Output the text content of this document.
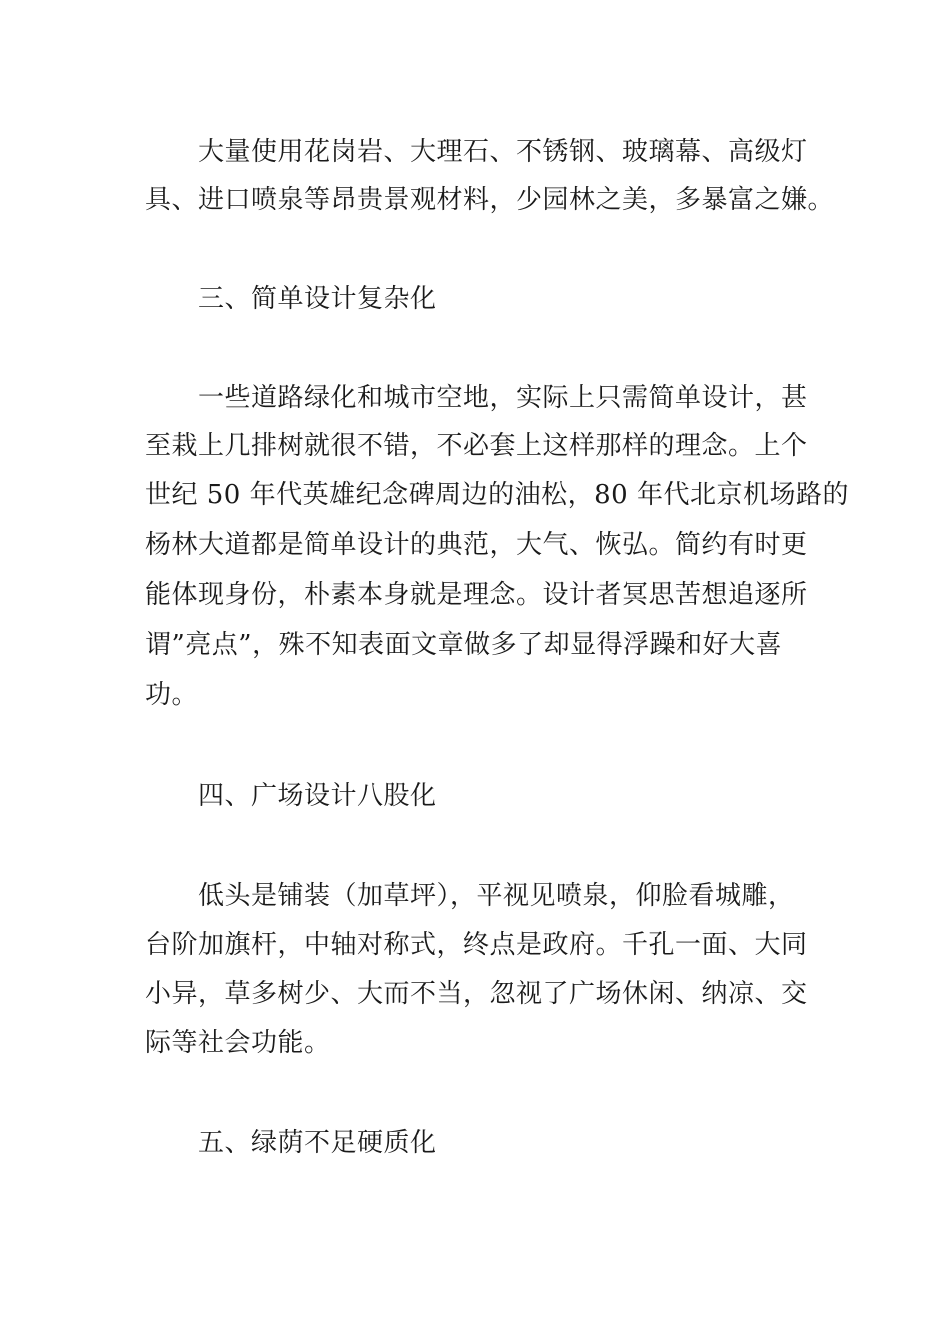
大量使用花岗岩、大理石、不锈钢、玻璃幕、高级灯
具、进口喷泉等昂贵景观材料，少园林之美，多暴富之嫌。
三、简单设计复杂化
一些道路绿化和城市空地，实际上只需简单设计，甚
至栽上几排树就很不错，不必套上这样那样的理念。上个
世纪 50 年代英雄纪念碑周边的油松，80 年代北京机场路的
杨林大道都是简单设计的典范，大气、恢弘。简约有时更
能体现身份，朴素本身就是理念。设计者冥思苦想追逐所
谓”亮点”，殊不知表面文章做多了却显得浮躁和好大喜
功。
四、广场设计八股化
低头是铺装（加草坪），平视见喷泉，仰脸看城雕，
台阶加旗杆，中轴对称式，终点是政府。千孔一面、大同
小异，草多树少、大而不当，忽视了广场休闲、纳凉、交
际等社会功能。
五、绿荫不足硬质化
